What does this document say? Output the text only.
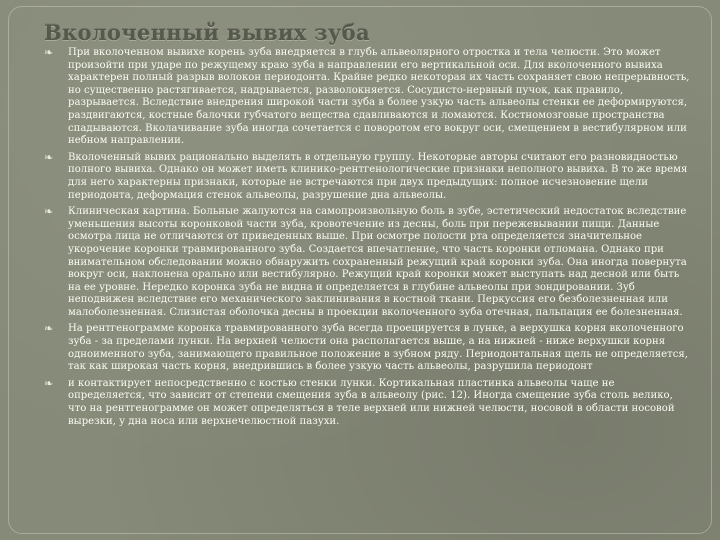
Вколоченный вывих зуба
❧ При вколоченном вывихе корень зуба внедряется в глубь альвеолярного отростка и тела челюсти. Это может произойти при ударе по режущему краю зуба в направлении его вертикальной оси. Для вколоченного вывиха характерен полный разрыв волокон периодонта. Крайне редко некоторая их часть сохраняет свою непрерывность, но существенно растягивается, надрывается, разволокняется. Сосудисто-нервный пучок, как правило, разрывается. Вследствие внедрения широкой части зуба в более узкую часть альвеолы стенки ее деформируются, раздвигаются, костные балочки губчатого вещества сдавливаются и ломаются. Костномозговые пространства спадываются. Вколачивание зуба иногда сочетается с поворотом его вокруг оси, смещением в вестибулярном или небном направлении.
❧ Вколоченный вывих рационально выделять в отдельную группу. Некоторые авторы считают его разновидностью полного вывиха. Однако он может иметь клинико-рентгенологические признаки неполного вывиха. В то же время для него характерны признаки, которые не встречаются при двух предыдущих: полное исчезновение щели периодонта, деформация стенок альвеолы, разрушение дна альвеолы.
❧ Клиническая картина. Больные жалуются на самопроизвольную боль в зубе, эстетический недостаток вследствие уменьшения высоты коронковой части зуба, кровотечение из десны, боль при пережевывании пищи. Данные осмотра лица не отличаются от приведенных выше. При осмотре полости рта определяется значительное укорочение коронки травмированного зуба. Создается впечатление, что часть коронки отломана. Однако при внимательном обследовании можно обнаружить сохраненный режущий край коронки зуба. Она иногда повернута вокруг оси, наклонена орально или вестибулярно. Режущий край коронки может выступать над десной или быть на ее уровне. Нередко коронка зуба не видна и определяется в глубине альвеолы при зондировании. Зуб неподвижен вследствие его механического заклинивания в костной ткани. Перкуссия его безболезненная или малоболезненная. Слизистая оболочка десны в проекции вколоченного зуба отечная, пальпация ее болезненная.
❧ На рентгенограмме коронка травмированного зуба всегда проецируется в лунке, а верхушка корня вколоченного зуба - за пределами лунки. На верхней челюсти она располагается выше, а на нижней - ниже верхушки корня одноименного зуба, занимающего правильное положение в зубном ряду. Периодонтальная щель не определяется, так как широкая часть корня, внедрившись в более узкую часть альвеолы, разрушила периодонт
❧ и контактирует непосредственно с костью стенки лунки. Кортикальная пластинка альвеолы чаще не определяется, что зависит от степени смещения зуба в альвеолу (рис. 12). Иногда смещение зуба столь велико, что на рентгенограмме он может определяться в теле верхней или нижней челюсти, носовой в области носовой вырезки, у дна носа или верхнечелюстной пазухи.
